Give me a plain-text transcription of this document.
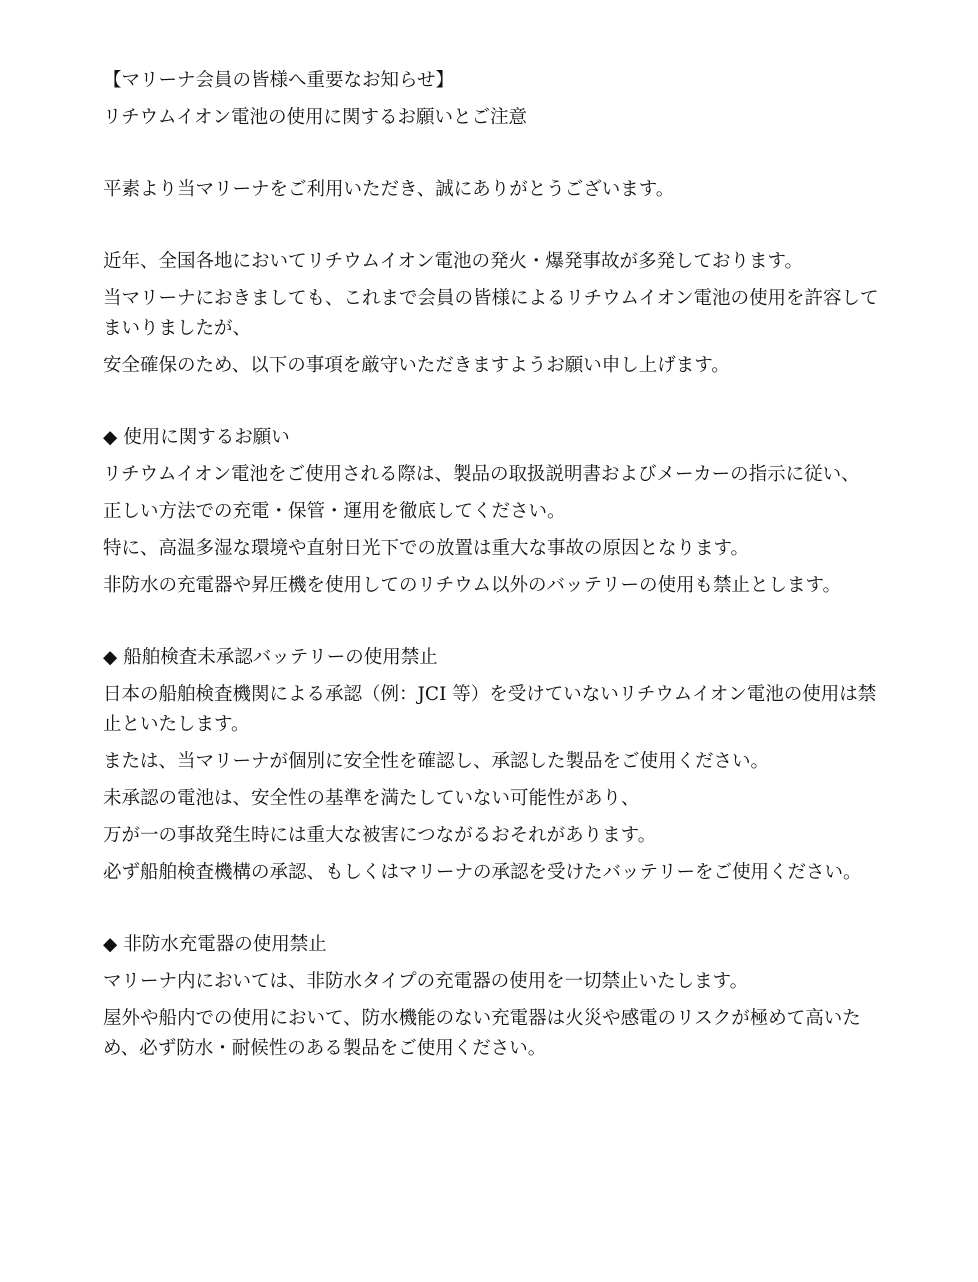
【マリーナ会員の皆様へ重要なお知らせ】

リチウムイオン電池の使用に関するお願いとご注意

平素より当マリーナをご利用いただき、誠にありがとうございます。

近年、全国各地においてリチウムイオン電池の発火・爆発事故が多発しております。

当マリーナにおきましても、これまで会員の皆様によるリチウムイオン電池の使用を許容してまいりましたが、

安全確保のため、以下の事項を厳守いただきますようお願い申し上げます。

◆ 使用に関するお願い

リチウムイオン電池をご使用される際は、製品の取扱説明書およびメーカーの指示に従い、

正しい方法での充電・保管・運用を徹底してください。

特に、高温多湿な環境や直射日光下での放置は重大な事故の原因となります。

非防水の充電器や昇圧機を使用してのリチウム以外のバッテリーの使用も禁止とします。

◆ 船舶検査未承認バッテリーの使用禁止

日本の船舶検査機関による承認（例：JCI 等）を受けていないリチウムイオン電池の使用は禁止といたします。

または、当マリーナが個別に安全性を確認し、承認した製品をご使用ください。

未承認の電池は、安全性の基準を満たしていない可能性があり、

万が一の事故発生時には重大な被害につながるおそれがあります。

必ず船舶検査機構の承認、もしくはマリーナの承認を受けたバッテリーをご使用ください。

◆ 非防水充電器の使用禁止

マリーナ内においては、非防水タイプの充電器の使用を一切禁止いたします。

屋外や船内での使用において、防水機能のない充電器は火災や感電のリスクが極めて高いため、必ず防水・耐候性のある製品をご使用ください。
